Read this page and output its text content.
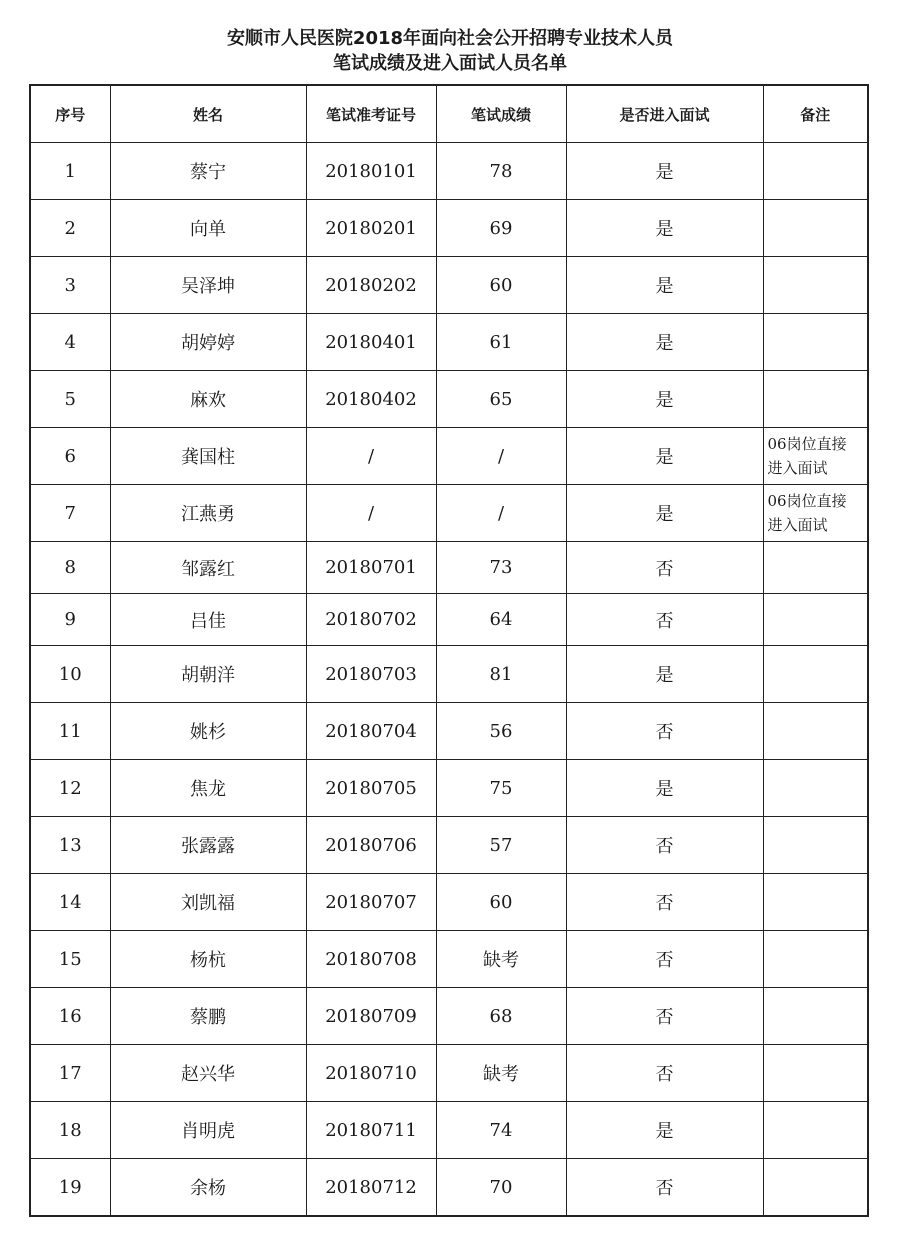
安顺市人民医院2018年面向社会公开招聘专业技术人员
笔试成绩及进入面试人员名单
序号	姓名	笔试准考证号	笔试成绩	是否进入面试	备注
1	蔡宁	20180101	78	是	

2	向单	20180201	69	是	

3	吴泽坤	20180202	60	是	

4	胡婷婷	20180401	61	是	

5	麻欢	20180402	65	是	

6	龚国柱	/	/	是	06岗位直接
进入面试

7	江燕勇	/	/	是	06岗位直接
进入面试

8	邹露红	20180701	73	否	

9	吕佳	20180702	64	否	

10	胡朝洋	20180703	81	是	

11	姚杉	20180704	56	否	

12	焦龙	20180705	75	是	

13	张露露	20180706	57	否	

14	刘凯福	20180707	60	否	

15	杨杭	20180708	缺考	否	

16	蔡鹏	20180709	68	否	

17	赵兴华	20180710	缺考	否	

18	肖明虎	20180711	74	是	

19	余杨	20180712	70	否	
